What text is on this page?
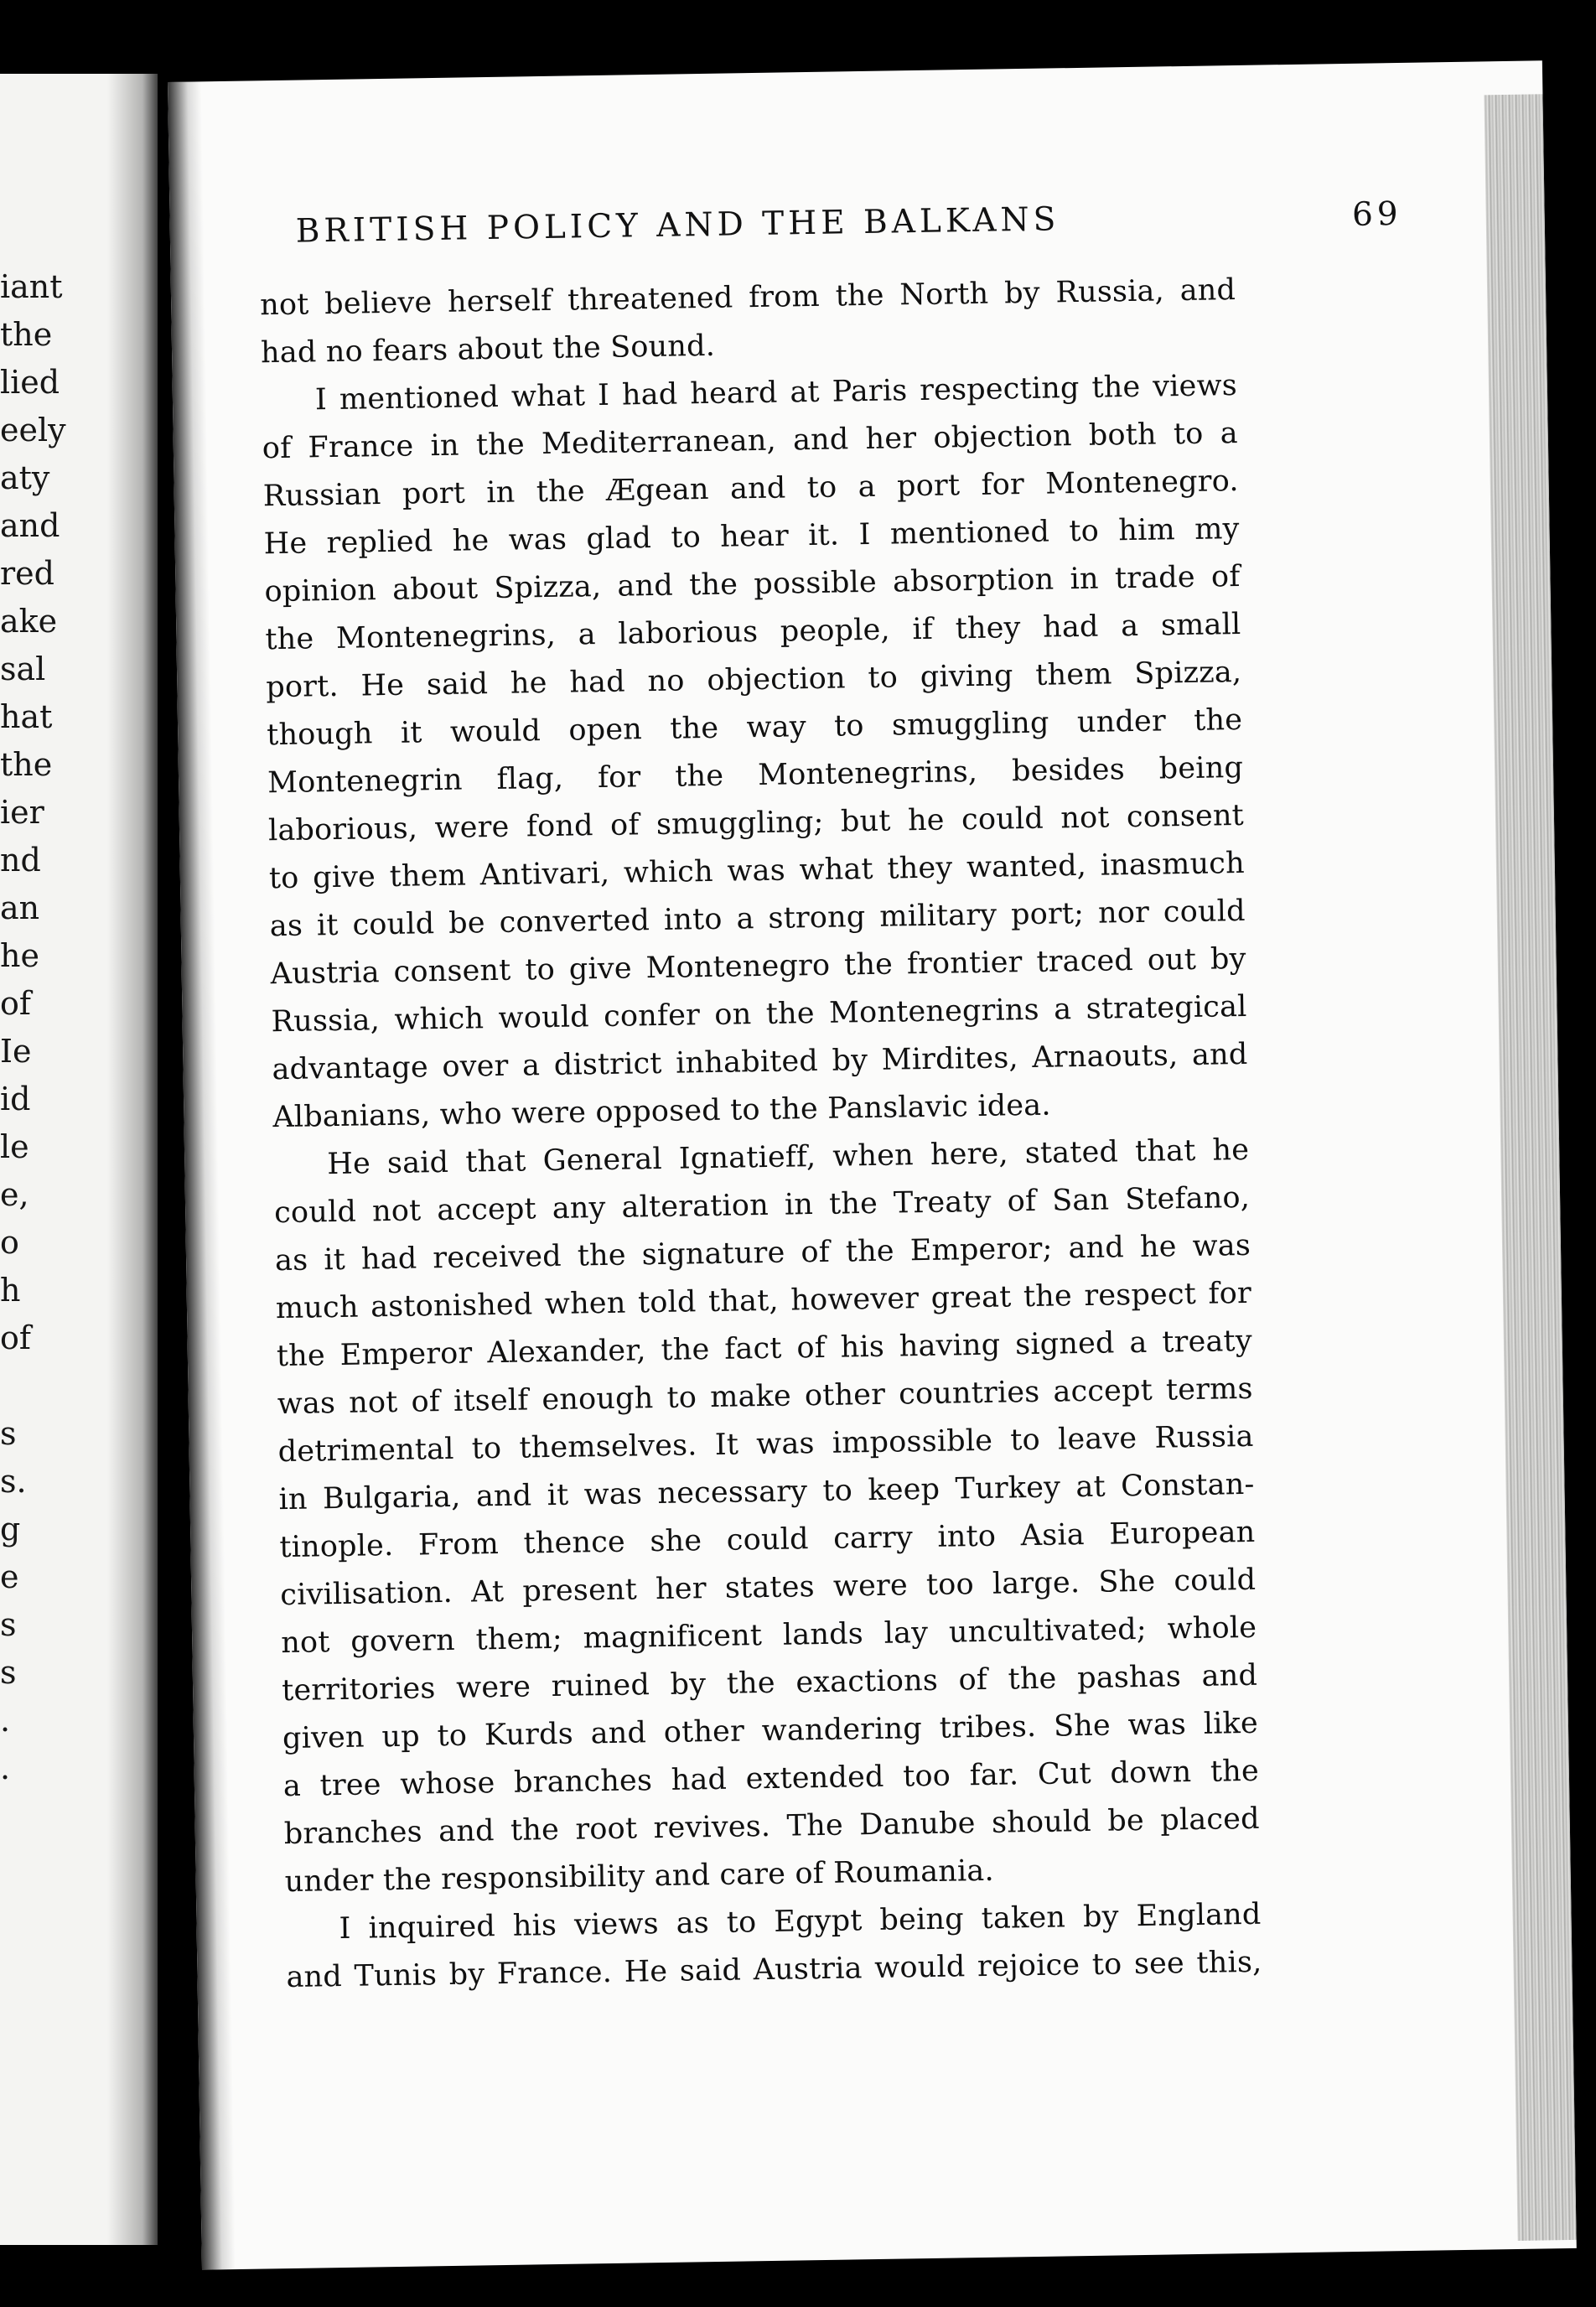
iant
the
lied
eely
aty
and
red
ake
sal
hat
the
ier
nd
an
he
of
Ie
id
le
e,
o
h
of
s
s.
g
e
s
s
.
.
BRITISH POLICY AND THE BALKANS	69
not believe herself threatened from the North by Russia, and
had no fears about the Sound.
I mentioned what I had heard at Paris respecting the views
of France in the Mediterranean, and her objection both to a
Russian port in the Ægean and to a port for Montenegro.
He replied he was glad to hear it. I mentioned to him my
opinion about Spizza, and the possible absorption in trade of
the Montenegrins, a laborious people, if they had a small
port. He said he had no objection to giving them Spizza,
though it would open the way to smuggling under the
Montenegrin flag, for the Montenegrins, besides being
laborious, were fond of smuggling; but he could not consent
to give them Antivari, which was what they wanted, inasmuch
as it could be converted into a strong military port; nor could
Austria consent to give Montenegro the frontier traced out by
Russia, which would confer on the Montenegrins a strategical
advantage over a district inhabited by Mirdites, Arnaouts, and
Albanians, who were opposed to the Panslavic idea.
He said that General Ignatieff, when here, stated that he
could not accept any alteration in the Treaty of San Stefano,
as it had received the signature of the Emperor; and he was
much astonished when told that, however great the respect for
the Emperor Alexander, the fact of his having signed a treaty
was not of itself enough to make other countries accept terms
detrimental to themselves. It was impossible to leave Russia
in Bulgaria, and it was necessary to keep Turkey at Constan-
tinople. From thence she could carry into Asia European
civilisation. At present her states were too large. She could
not govern them; magnificent lands lay uncultivated; whole
territories were ruined by the exactions of the pashas and
given up to Kurds and other wandering tribes. She was like
a tree whose branches had extended too far. Cut down the
branches and the root revives. The Danube should be placed
under the responsibility and care of Roumania.
I inquired his views as to Egypt being taken by England
and Tunis by France. He said Austria would rejoice to see this,
